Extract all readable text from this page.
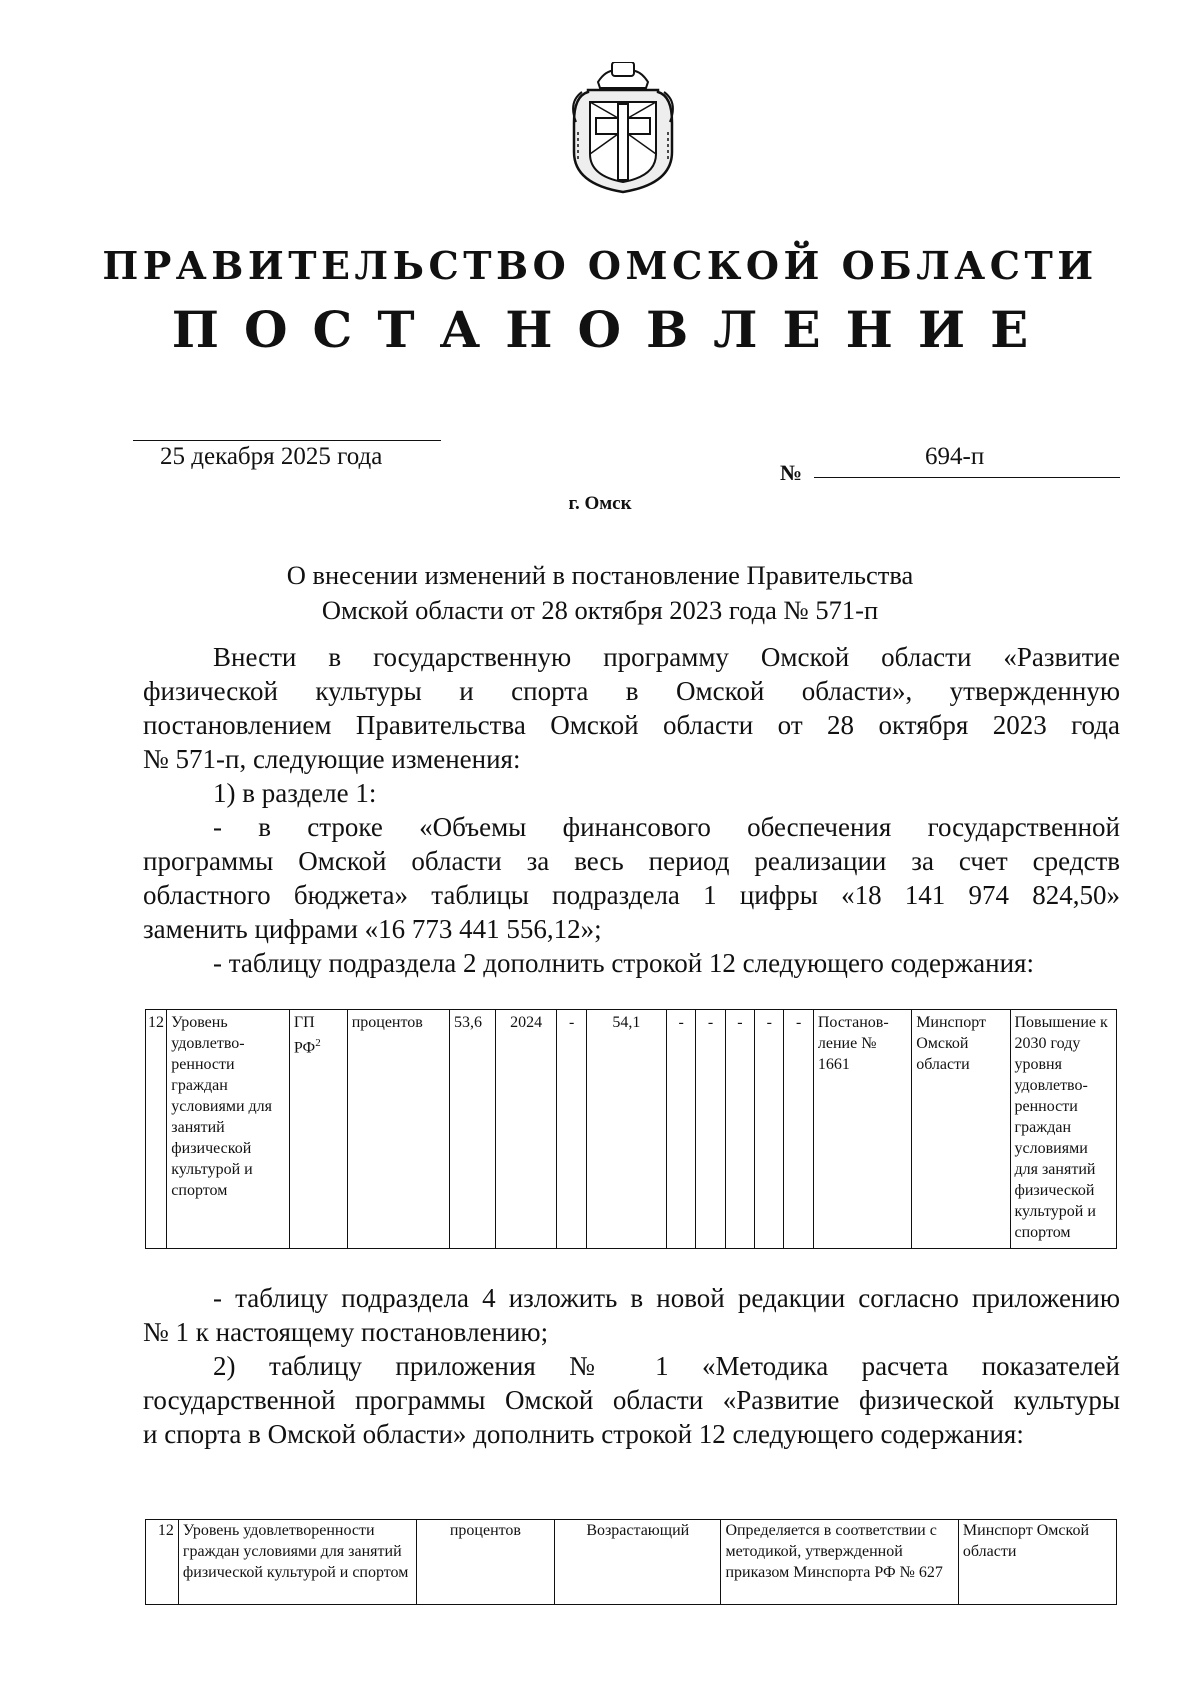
ПРАВИТЕЛЬСТВО ОМСКОЙ ОБЛАСТИ
ПОСТАНОВЛЕНИЕ
25 декабря 2025 года
№
694-п
г. Омск
О внесении изменений в постановление Правительства
Омской области от 28 октября 2023 года № 571-п
Внести в государственную программу Омской области «Развитие
физической культуры и спорта в Омской области», утвержденную
постановлением Правительства Омской области от 28 октября 2023 года
№ 571-п, следующие изменения:
1) в разделе 1:
- в строке «Объемы финансового обеспечения государственной
программы Омской области за весь период реализации за счет средств
областного бюджета» таблицы подраздела 1 цифры «18 141 974 824,50»
заменить цифрами «16 773 441 556,12»;
- таблицу подраздела 2 дополнить строкой 12 следующего содержания:
12	Уровень удовлетво-ренности граждан условиями для занятий физической культурой и спортом	ГП $РФ^2$	процентов	53,6	2024	-	54,1	-	-	-	-	-	Постанов-ление № 1661	Минспорт Омской области	Повышение к 2030 году уровня удовлетво-ренности граждан условиями для занятий физической культурой и спортом
- таблицу подраздела 4 изложить в новой редакции согласно приложению
№ 1 к настоящему постановлению;
2) таблицу приложения № 1 «Методика расчета показателей
государственной программы Омской области «Развитие физической культуры
и спорта в Омской области» дополнить строкой 12 следующего содержания:
12	Уровень удовлетворенности граждан условиями для занятий физической культурой и спортом	процентов	Возрастающий	Определяется в соответствии с методикой, утвержденной приказом Минспорта РФ № 627	Минспорт Омской области
